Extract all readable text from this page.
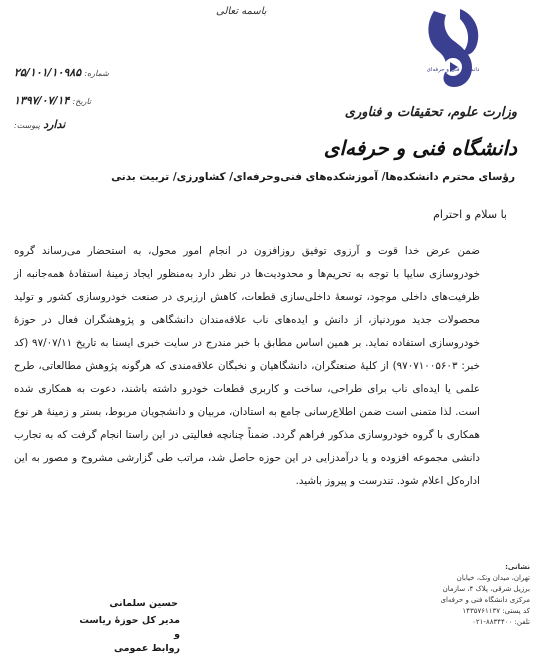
باسمه تعالی
دانشگاه فنی و حرفه‌ای
وزارت علوم، تحقیقات و فناوری
دانشگاه فنی و حرفه‌ای
۲۵/۱۰۱/۱۰۹۸۵ شماره:
۱۳۹۷/۰۷/۱۴ تاریخ:
ندارد پیوست:
رؤسای محترم دانشکده‌ها/ آموزشکده‌های فنی‌وحرفه‌ای/ کشاورزی/ تربیت بدنی
با سلام و احترام
ضمن عرض خدا قوت و آرزوی توفیق روزافزون در انجام امور محول، به استحضار می‌رساند گروه خودروسازی سایپا با توجه به تحریم‌ها و محدودیت‌ها در نظر دارد به‌منظور ایجاد زمینهٔ استفادهٔ همه‌جانبه از ظرفیت‌های داخلی موجود، توسعهٔ داخلی‌سازی قطعات، کاهش ارزبری در صنعت خودروسازی کشور و تولید محصولات جدید موردنیاز، از دانش و ایده‌های ناب علاقه‌مندان دانشگاهی و پژوهشگران فعال در حوزهٔ خودروسازی استفاده نماید. بر همین اساس مطابق با خبر مندرج در سایت خبری ایسنا به تاریخ ۹۷/۰۷/۱۱ (کد خبر: ۹۷۰۷۱۰۰۵۶۰۳) از کلیهٔ صنعتگران، دانشگاهیان و نخبگان علاقه‌مندی که هرگونه پژوهش مطالعاتی، طرح علمی یا ایده‌ای ناب برای طراحی، ساخت و کاربری قطعات خودرو داشته باشند، دعوت به همکاری شده است. لذا متمنی است ضمن اطلاع‌رسانی جامع به استادان، مربیان و دانشجویان مربوط، بستر و زمینهٔ هر نوع همکاری با گروه خودروسازی مذکور فراهم گردد. ضمناً چنانچه فعالیتی در این راستا انجام گرفت که به تجارب دانشی مجموعه افزوده و یا درآمدزایی در این حوزه حاصل شد، مراتب طی گزارشی مشروح و مصور به این اداره‌کل اعلام شود. تندرست و پیروز باشید.
حسین سلمانی
مدیر کل حوزهٔ ریاست و
روابط عمومی
نشانی:
تهران، میدان ونک، خیابان
برزیل شرقی، پلاک ۴، سازمان
مرکزی دانشگاه فنی و حرفه‌ای
کد پستی: ۱۴۳۵۷۶۱۱۳۷
تلفن: ۸۸۳۴۴۰۰-۰۲۱
